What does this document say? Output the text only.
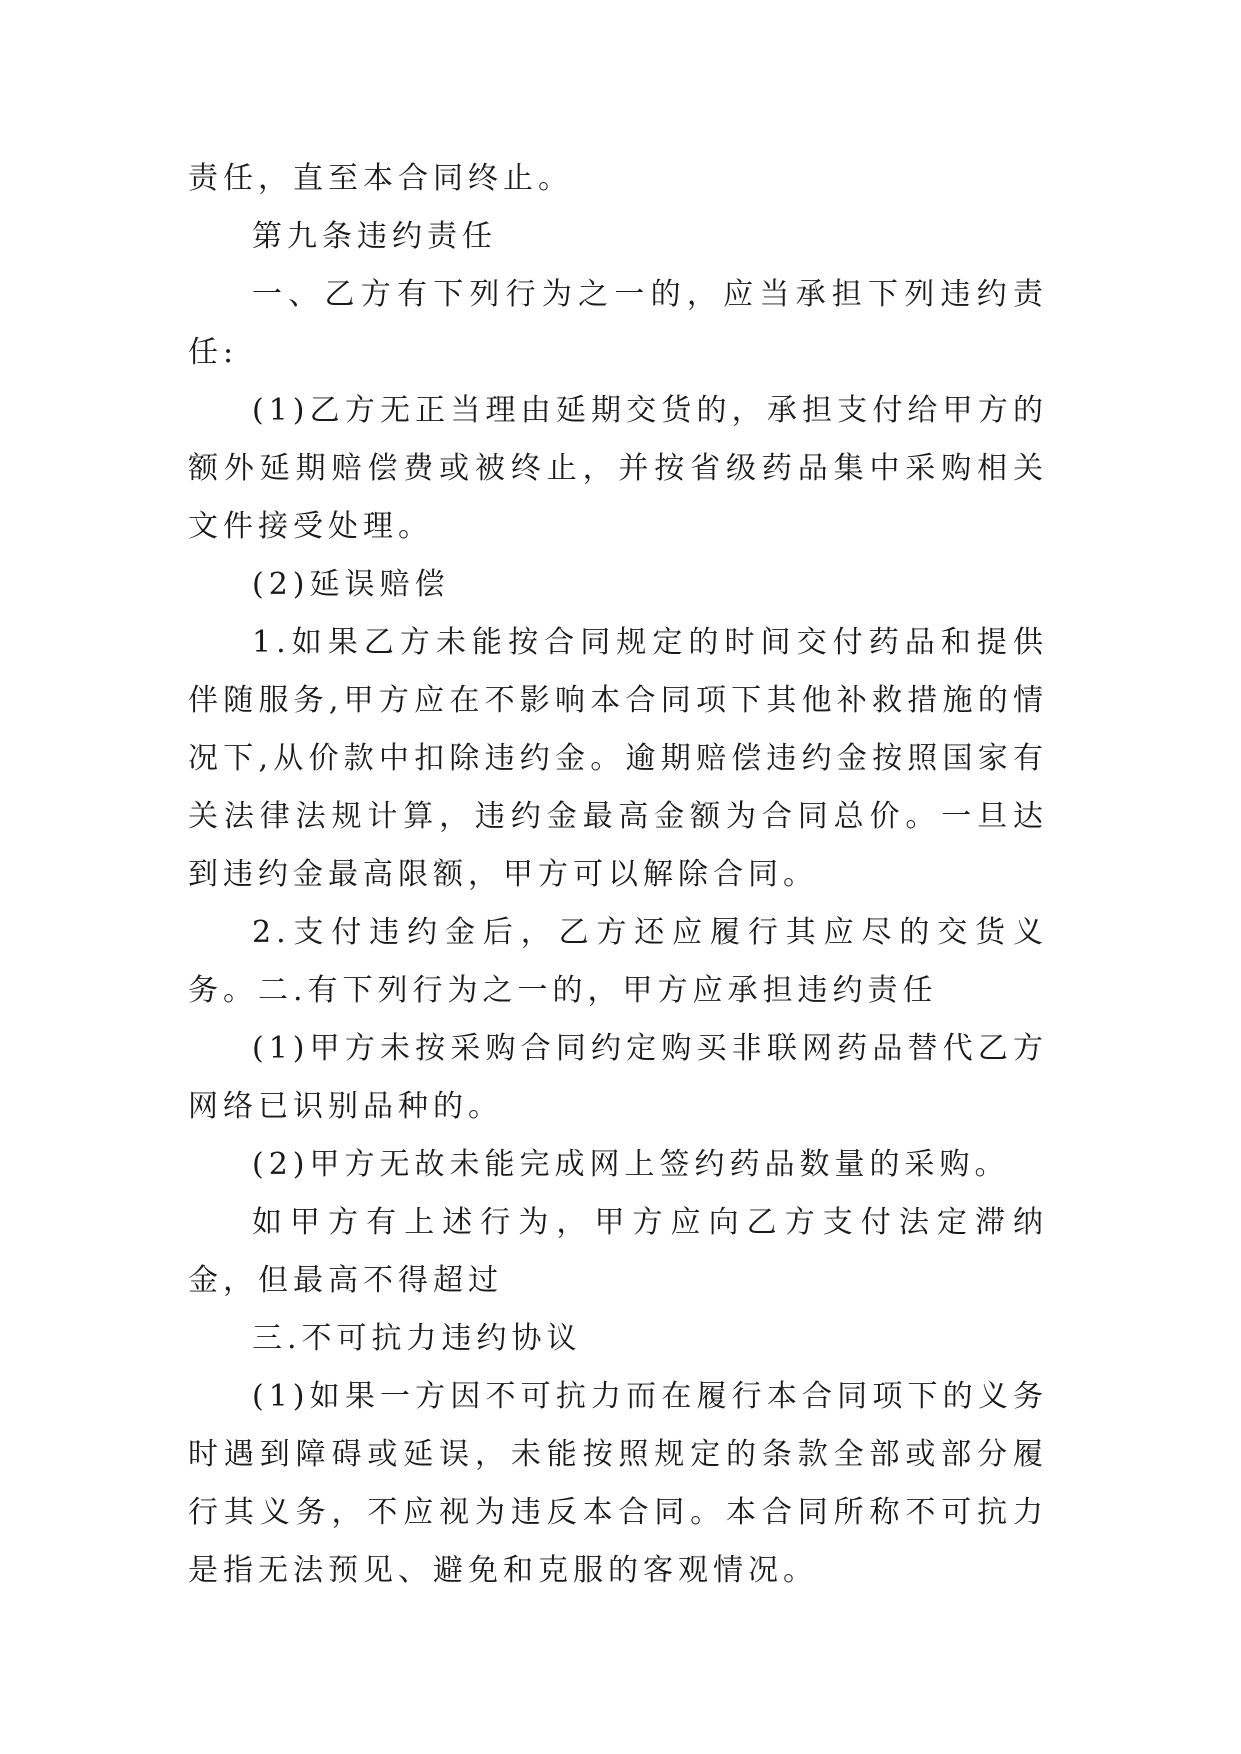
责任，直至本合同终止。

第九条违约责任

一、乙方有下列行为之一的，应当承担下列违约责任:

(1)乙方无正当理由延期交货的，承担支付给甲方的额外延期赔偿费或被终止，并按省级药品集中采购相关文件接受处理。

(2)延误赔偿

1.如果乙方未能按合同规定的时间交付药品和提供伴随服务,甲方应在不影响本合同项下其他补救措施的情况下,从价款中扣除违约金。逾期赔偿违约金按照国家有关法律法规计算，违约金最高金额为合同总价。一旦达到违约金最高限额，甲方可以解除合同。

2.支付违约金后，乙方还应履行其应尽的交货义务。二.有下列行为之一的，甲方应承担违约责任

(1)甲方未按采购合同约定购买非联网药品替代乙方网络已识别品种的。

(2)甲方无故未能完成网上签约药品数量的采购。

如甲方有上述行为，甲方应向乙方支付法定滞纳金，但最高不得超过

三.不可抗力违约协议

(1)如果一方因不可抗力而在履行本合同项下的义务时遇到障碍或延误，未能按照规定的条款全部或部分履行其义务，不应视为违反本合同。本合同所称不可抗力是指无法预见、避免和克服的客观情况。
